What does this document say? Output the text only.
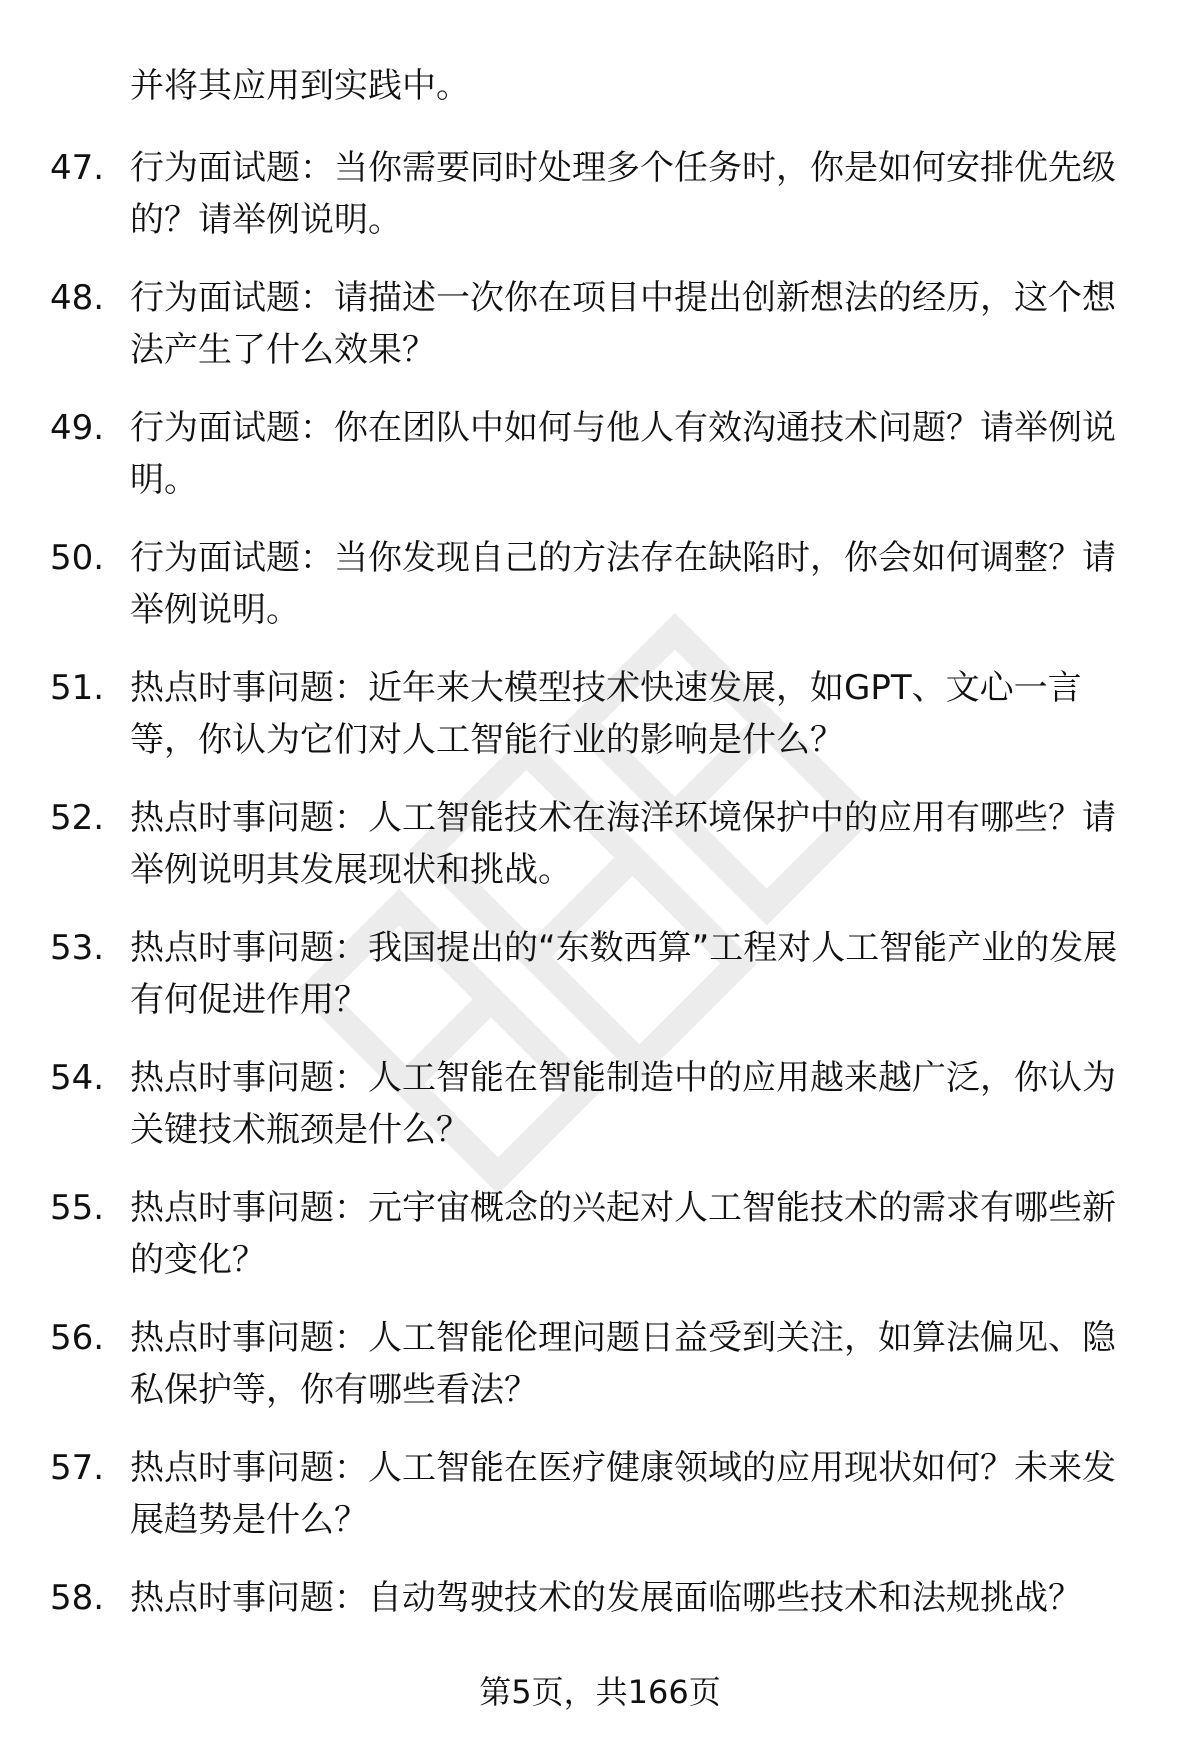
并将其应用到实践中。

47. 行为面试题：当你需要同时处理多个任务时，你是如何安排优先级的？请举例说明。
48. 行为面试题：请描述一次你在项目中提出创新想法的经历，这个想法产生了什么效果？
49. 行为面试题：你在团队中如何与他人有效沟通技术问题？请举例说明。
50. 行为面试题：当你发现自己的方法存在缺陷时，你会如何调整？请举例说明。
51. 热点时事问题：近年来大模型技术快速发展，如GPT、文心一言等，你认为它们对人工智能行业的影响是什么？
52. 热点时事问题：人工智能技术在海洋环境保护中的应用有哪些？请举例说明其发展现状和挑战。
53. 热点时事问题：我国提出的“东数西算”工程对人工智能产业的发展有何促进作用？
54. 热点时事问题：人工智能在智能制造中的应用越来越广泛，你认为关键技术瓶颈是什么？
55. 热点时事问题：元宇宙概念的兴起对人工智能技术的需求有哪些新的变化？
56. 热点时事问题：人工智能伦理问题日益受到关注，如算法偏见、隐私保护等，你有哪些看法？
57. 热点时事问题：人工智能在医疗健康领域的应用现状如何？未来发展趋势是什么？
58. 热点时事问题：自动驾驶技术的发展面临哪些技术和法规挑战？
第5页，共166页
